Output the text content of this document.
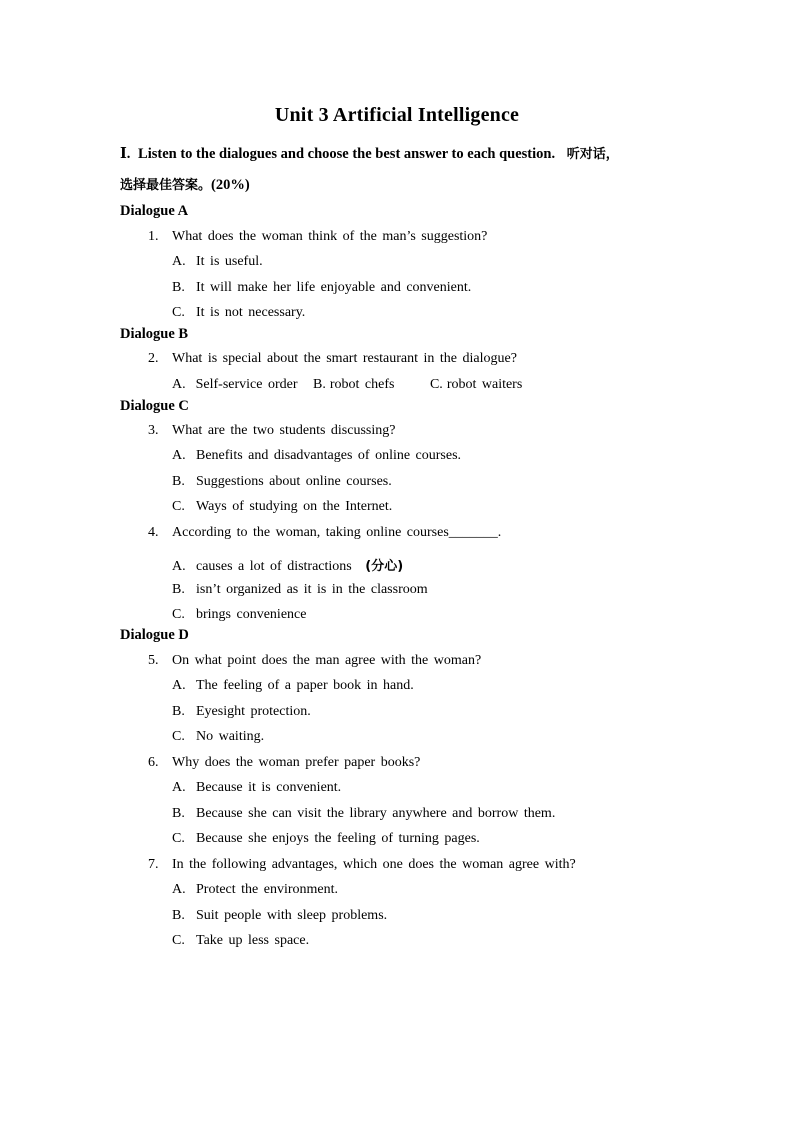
Unit 3 Artificial Intelligence
Ⅰ. Listen to the dialogues and choose the best answer to each question. 听对话，
选择最佳答案。(20%)
Dialogue A
1. What does the woman think of the man’s suggestion?
A. It is useful.
B. It will make her life enjoyable and convenient.
C. It is not necessary.
Dialogue B
2. What is special about the smart restaurant in the dialogue?
A. Self-service order B. robot chefs	C. robot waiters
Dialogue C
3. What are the two students discussing?
A. Benefits and disadvantages of online courses.
B. Suggestions about online courses.
C. Ways of studying on the Internet.
4. According to the woman, taking online courses_______.
A. causes a lot of distractions (分心)
B. isn’t organized as it is in the classroom
C. brings convenience
Dialogue D
5. On what point does the man agree with the woman?
A. The feeling of a paper book in hand.
B. Eyesight protection.
C. No waiting.
6. Why does the woman prefer paper books?
A. Because it is convenient.
B. Because she can visit the library anywhere and borrow them.
C. Because she enjoys the feeling of turning pages.
7. In the following advantages, which one does the woman agree with?
A. Protect the environment.
B. Suit people with sleep problems.
C. Take up less space.
